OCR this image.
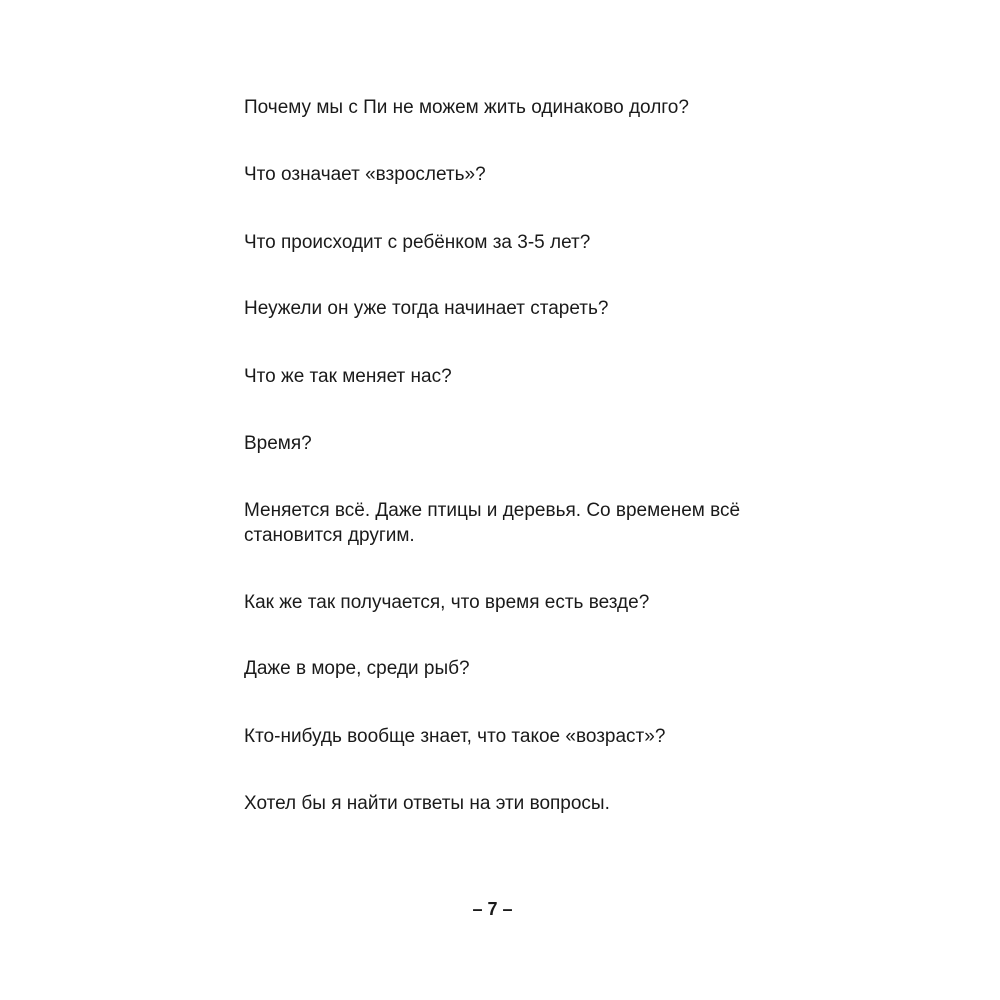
Почему мы с Пи не можем жить одинаково долго?

Что означает «взрослеть»?

Что происходит с ребёнком за 3-5 лет?

Неужели он уже тогда начинает стареть?

Что же так меняет нас?

Время?

Меняется всё. Даже птицы и деревья. Со временем всё становится другим.

Как же так получается, что время есть везде?

Даже в море, среди рыб?

Кто-нибудь вообще знает, что такое «возраст»?

Хотел бы я найти ответы на эти вопросы.

– 7 –
